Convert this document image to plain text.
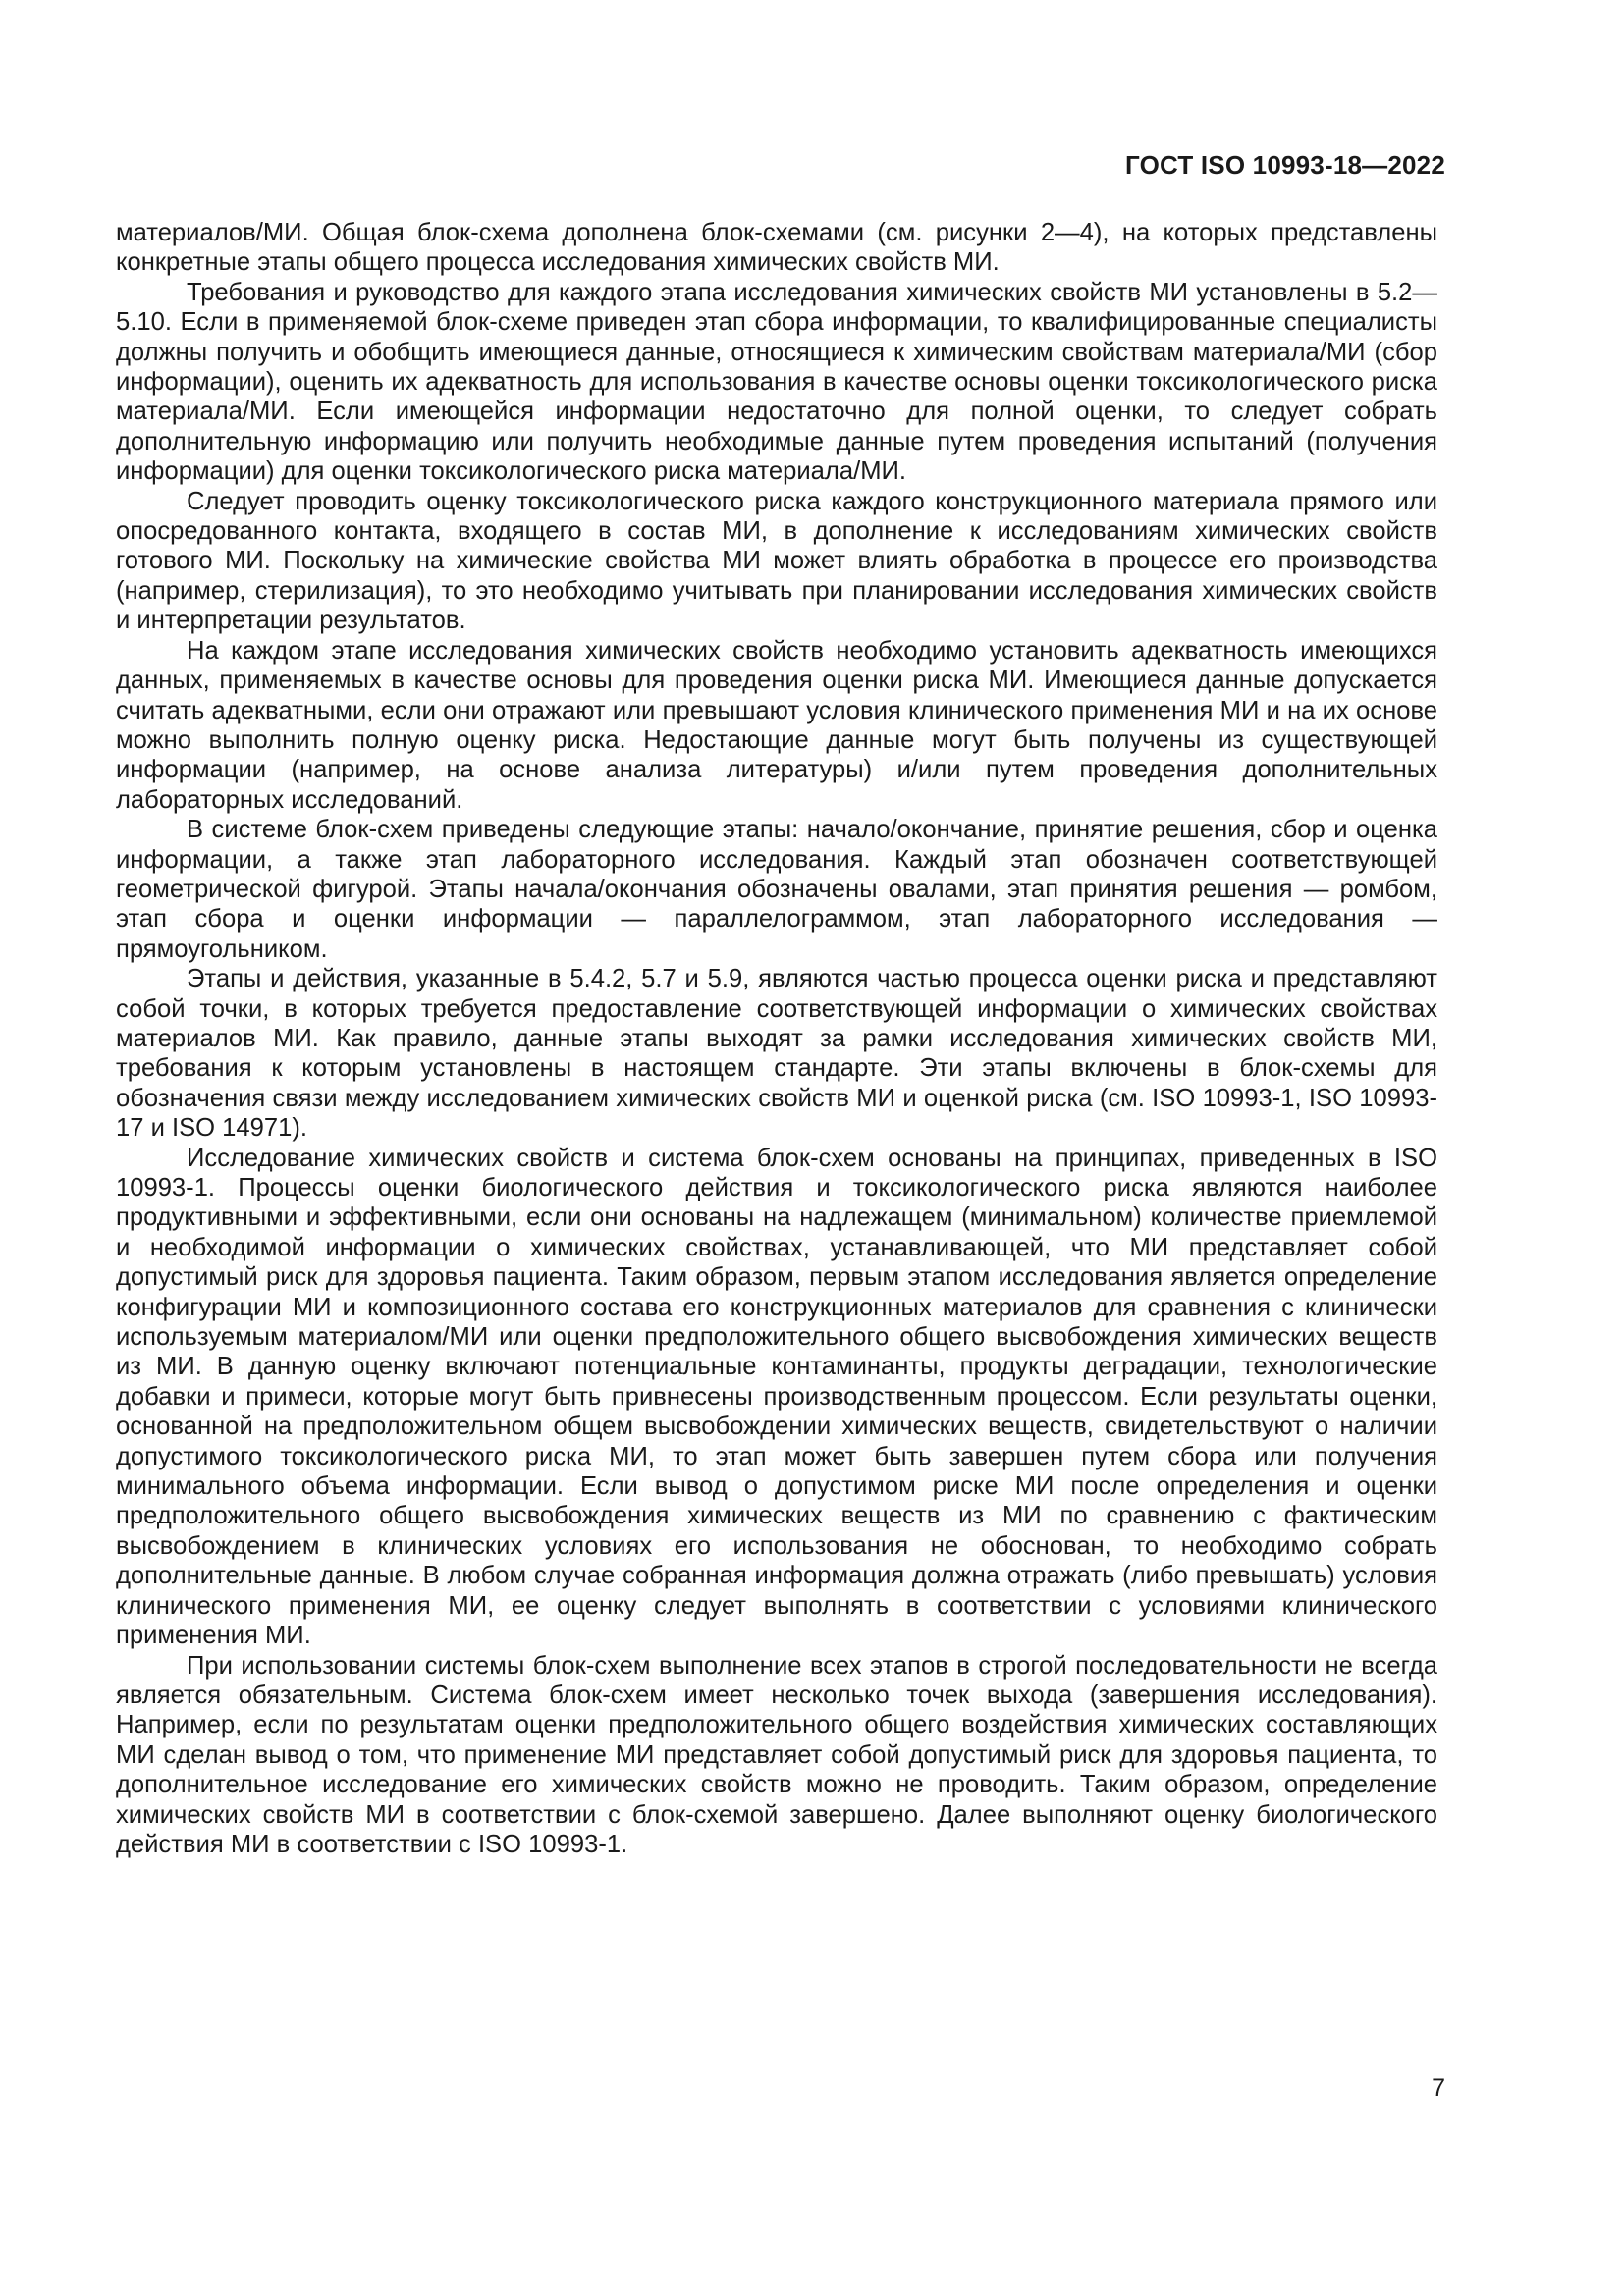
ГОСТ ISO 10993-18—2022

материалов/МИ. Общая блок-схема дополнена блок-схемами (см. рисунки 2—4), на которых представлены конкретные этапы общего процесса исследования химических свойств МИ.

Требования и руководство для каждого этапа исследования химических свойств МИ установлены в 5.2—5.10. Если в применяемой блок-схеме приведен этап сбора информации, то квалифицированные специалисты должны получить и обобщить имеющиеся данные, относящиеся к химическим свойствам материала/МИ (сбор информации), оценить их адекватность для использования в качестве основы оценки токсикологического риска материала/МИ. Если имеющейся информации недостаточно для полной оценки, то следует собрать дополнительную информацию или получить необходимые данные путем проведения испытаний (получения информации) для оценки токсикологического риска материала/МИ.

Следует проводить оценку токсикологического риска каждого конструкционного материала прямого или опосредованного контакта, входящего в состав МИ, в дополнение к исследованиям химических свойств готового МИ. Поскольку на химические свойства МИ может влиять обработка в процессе его производства (например, стерилизация), то это необходимо учитывать при планировании исследования химических свойств и интерпретации результатов.

На каждом этапе исследования химических свойств необходимо установить адекватность имеющихся данных, применяемых в качестве основы для проведения оценки риска МИ. Имеющиеся данные допускается считать адекватными, если они отражают или превышают условия клинического применения МИ и на их основе можно выполнить полную оценку риска. Недостающие данные могут быть получены из существующей информации (например, на основе анализа литературы) и/или путем проведения дополнительных лабораторных исследований.

В системе блок-схем приведены следующие этапы: начало/окончание, принятие решения, сбор и оценка информации, а также этап лабораторного исследования. Каждый этап обозначен соответствующей геометрической фигурой. Этапы начала/окончания обозначены овалами, этап принятия решения — ромбом, этап сбора и оценки информации — параллелограммом, этап лабораторного исследования — прямоугольником.

Этапы и действия, указанные в 5.4.2, 5.7 и 5.9, являются частью процесса оценки риска и представляют собой точки, в которых требуется предоставление соответствующей информации о химических свойствах материалов МИ. Как правило, данные этапы выходят за рамки исследования химических свойств МИ, требования к которым установлены в настоящем стандарте. Эти этапы включены в блок-схемы для обозначения связи между исследованием химических свойств МИ и оценкой риска (см. ISO 10993-1, ISO 10993-17 и ISO 14971).

Исследование химических свойств и система блок-схем основаны на принципах, приведенных в ISO 10993-1. Процессы оценки биологического действия и токсикологического риска являются наиболее продуктивными и эффективными, если они основаны на надлежащем (минимальном) количестве приемлемой и необходимой информации о химических свойствах, устанавливающей, что МИ представляет собой допустимый риск для здоровья пациента. Таким образом, первым этапом исследования является определение конфигурации МИ и композиционного состава его конструкционных материалов для сравнения с клинически используемым материалом/МИ или оценки предположительного общего высвобождения химических веществ из МИ. В данную оценку включают потенциальные контаминанты, продукты деградации, технологические добавки и примеси, которые могут быть привнесены производственным процессом. Если результаты оценки, основанной на предположительном общем высвобождении химических веществ, свидетельствуют о наличии допустимого токсикологического риска МИ, то этап может быть завершен путем сбора или получения минимального объема информации. Если вывод о допустимом риске МИ после определения и оценки предположительного общего высвобождения химических веществ из МИ по сравнению с фактическим высвобождением в клинических условиях его использования не обоснован, то необходимо собрать дополнительные данные. В любом случае собранная информация должна отражать (либо превышать) условия клинического применения МИ, ее оценку следует выполнять в соответствии с условиями клинического применения МИ.

При использовании системы блок-схем выполнение всех этапов в строгой последовательности не всегда является обязательным. Система блок-схем имеет несколько точек выхода (завершения исследования). Например, если по результатам оценки предположительного общего воздействия химических составляющих МИ сделан вывод о том, что применение МИ представляет собой допустимый риск для здоровья пациента, то дополнительное исследование его химических свойств можно не проводить. Таким образом, определение химических свойств МИ в соответствии с блок-схемой завершено. Далее выполняют оценку биологического действия МИ в соответствии с ISO 10993-1.

7
